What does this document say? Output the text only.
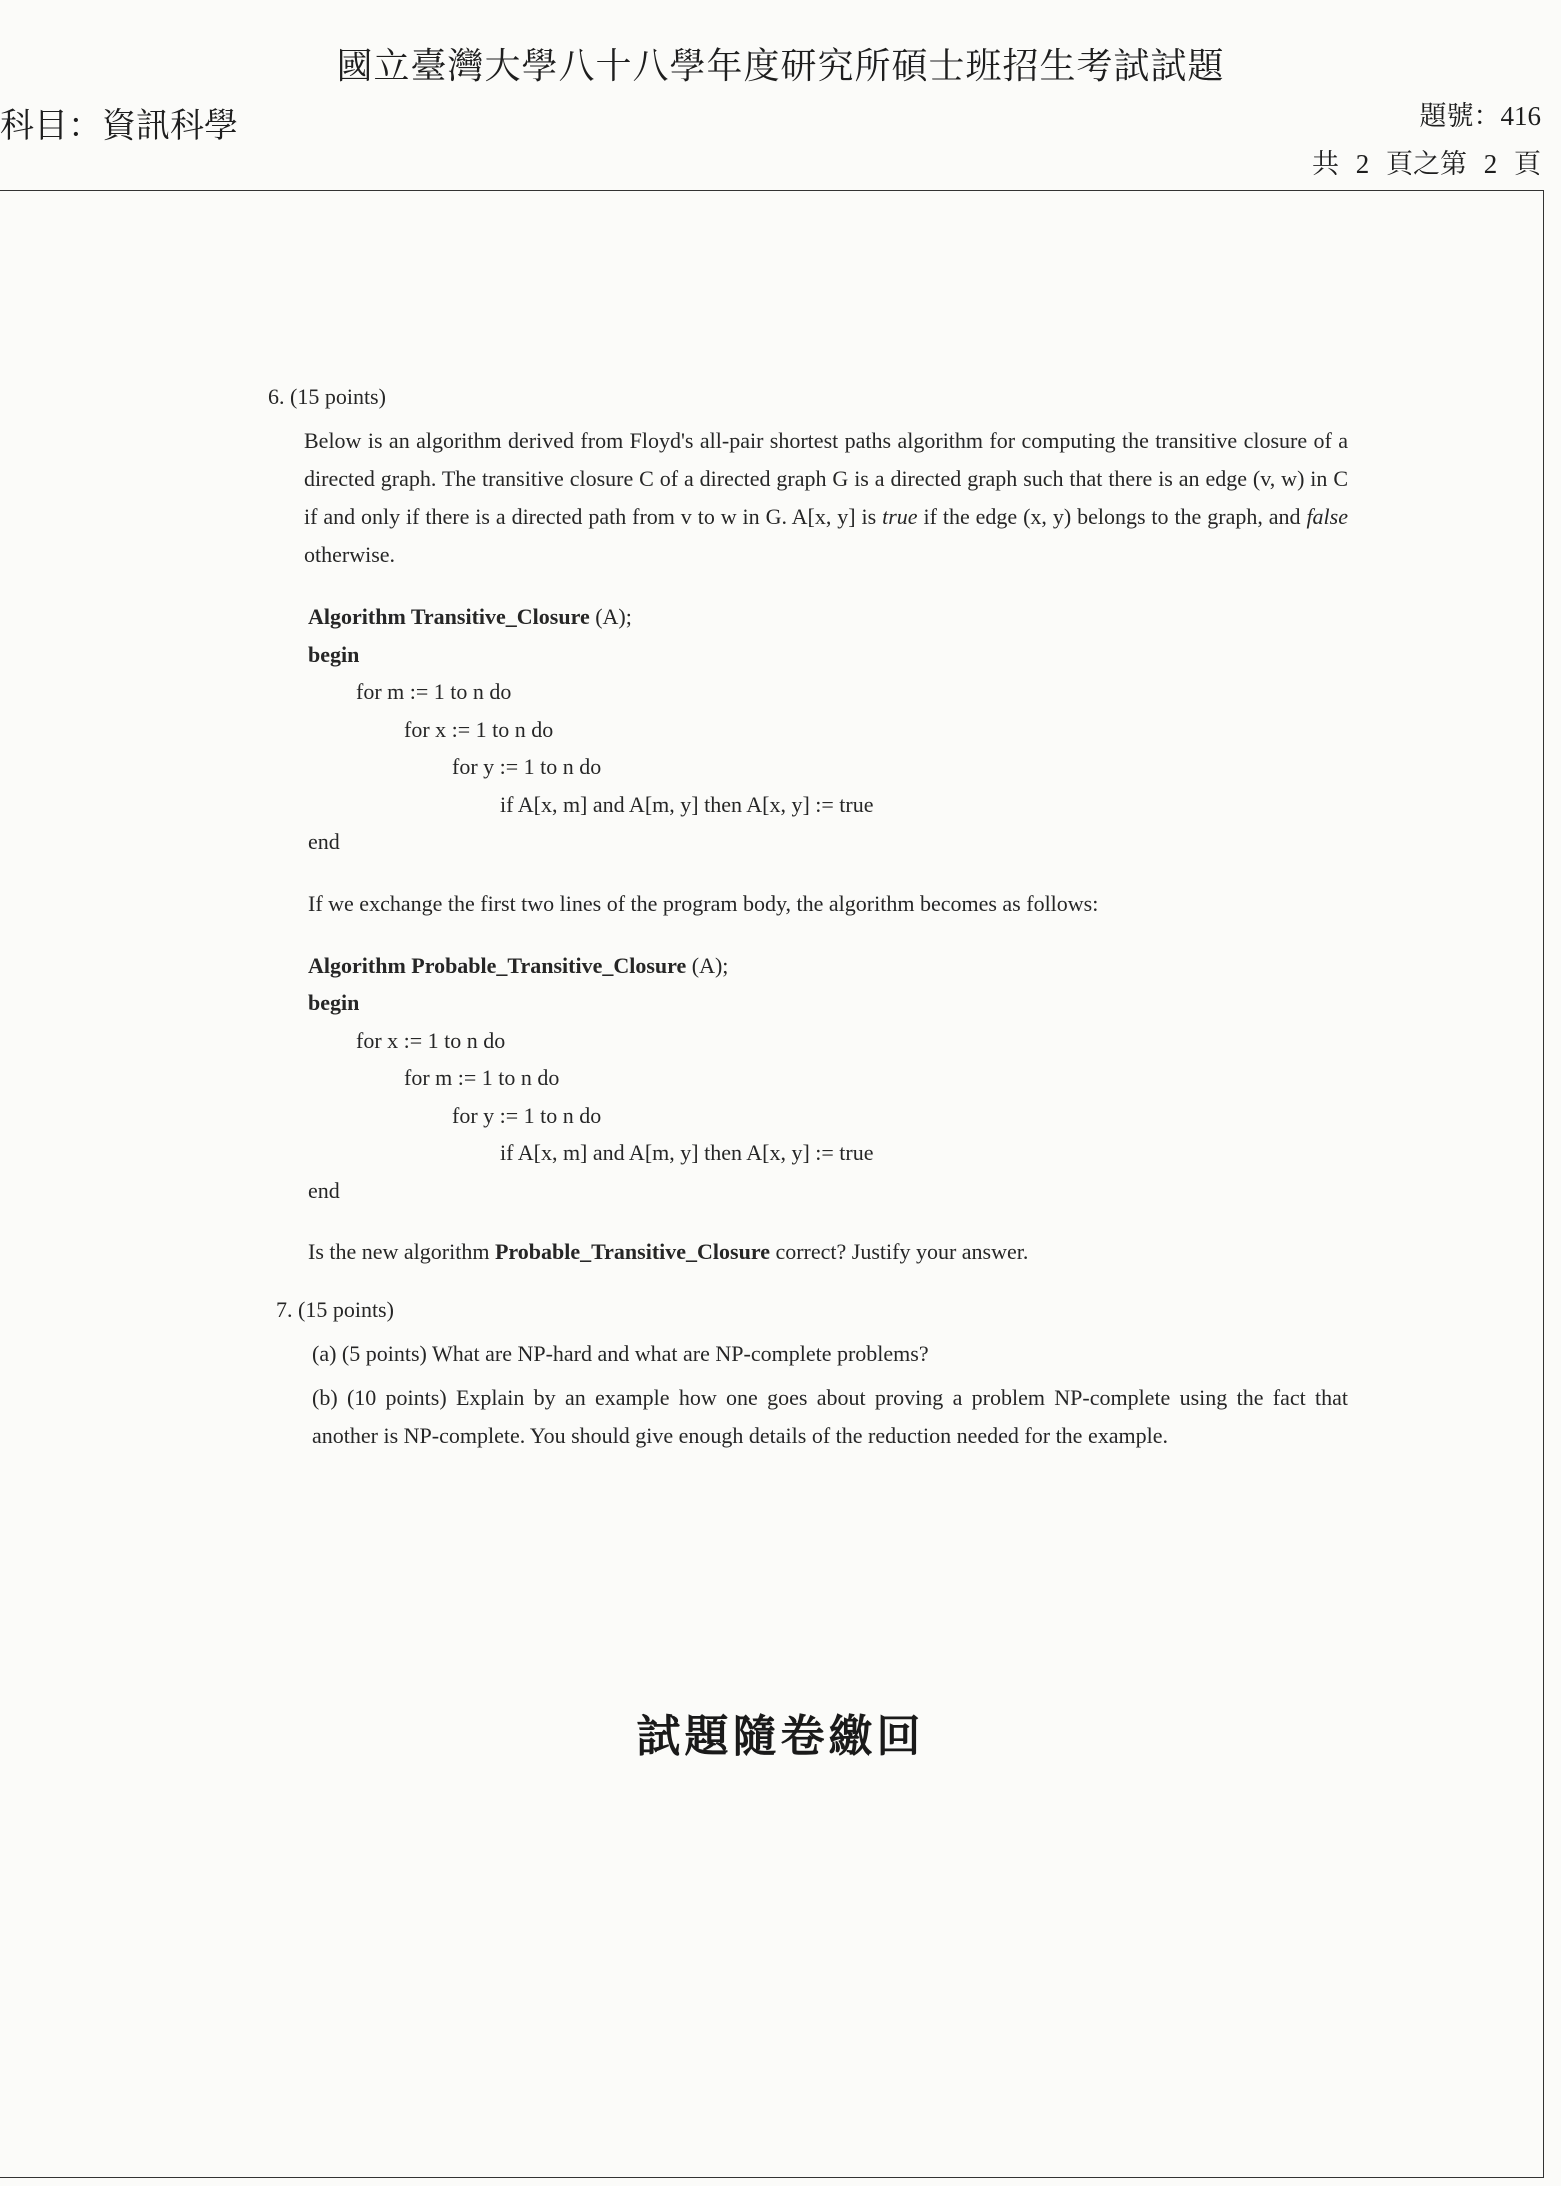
國立臺灣大學八十八學年度研究所碩士班招生考試試題
科目：資訊科學	題號：416
共 2 頁之第 2 頁

6. (15 points)

Below is an algorithm derived from Floyd's all-pair shortest paths algorithm for computing the transitive closure of a directed graph. The transitive closure C of a directed graph G is a directed graph such that there is an edge (v, w) in C if and only if there is a directed path from v to w in G. A[x, y] is true if the edge (x, y) belongs to the graph, and false otherwise.

Algorithm Transitive_Closure (A);
begin
for m := 1 to n do
for x := 1 to n do
for y := 1 to n do
if A[x, m] and A[m, y] then A[x, y] := true
end

If we exchange the first two lines of the program body, the algorithm becomes as follows:

Algorithm Probable_Transitive_Closure (A);
begin
for x := 1 to n do
for m := 1 to n do
for y := 1 to n do
if A[x, m] and A[m, y] then A[x, y] := true
end

Is the new algorithm Probable_Transitive_Closure correct? Justify your answer.

7. (15 points)

(a) (5 points) What are NP-hard and what are NP-complete problems?

(b) (10 points) Explain by an example how one goes about proving a problem NP-complete using the fact that another is NP-complete. You should give enough details of the reduction needed for the example.

試題隨卷繳回
